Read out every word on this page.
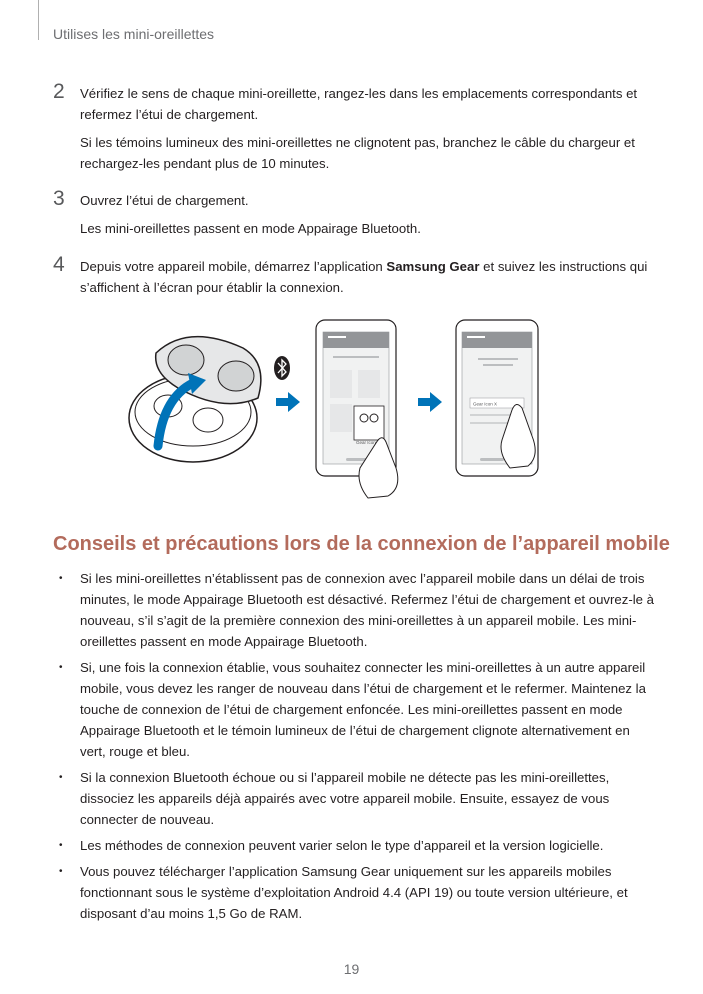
Utilises les mini-oreillettes
2 Vérifiez le sens de chaque mini-oreillette, rangez-les dans les emplacements correspondants et refermez l’étui de chargement.

Si les témoins lumineux des mini-oreillettes ne clignotent pas, branchez le câble du chargeur et rechargez-les pendant plus de 10 minutes.

3 Ouvrez l’étui de chargement.

Les mini-oreillettes passent en mode Appairage Bluetooth.

4 Depuis votre appareil mobile, démarrez l’application Samsung Gear et suivez les instructions qui s’affichent à l’écran pour établir la connexion.

Gear Icon
Gear Icon X
Conseils et précautions lors de la connexion de l’appareil mobile
• Si les mini-oreillettes n’établissent pas de connexion avec l’appareil mobile dans un délai de trois minutes, le mode Appairage Bluetooth est désactivé. Refermez l’étui de chargement et ouvrez-le à nouveau, s’il s’agit de la première connexion des mini-oreillettes à un appareil mobile. Les mini-oreillettes passent en mode Appairage Bluetooth.
• Si, une fois la connexion établie, vous souhaitez connecter les mini-oreillettes à un autre appareil mobile, vous devez les ranger de nouveau dans l’étui de chargement et le refermer. Maintenez la touche de connexion de l’étui de chargement enfoncée. Les mini-oreillettes passent en mode Appairage Bluetooth et le témoin lumineux de l’étui de chargement clignote alternativement en vert, rouge et bleu.
• Si la connexion Bluetooth échoue ou si l’appareil mobile ne détecte pas les mini-oreillettes, dissociez les appareils déjà appairés avec votre appareil mobile. Ensuite, essayez de vous connecter de nouveau.
• Les méthodes de connexion peuvent varier selon le type d’appareil et la version logicielle.
• Vous pouvez télécharger l’application Samsung Gear uniquement sur les appareils mobiles fonctionnant sous le système d’exploitation Android 4.4 (API 19) ou toute version ultérieure, et disposant d’au moins 1,5 Go de RAM.
19
